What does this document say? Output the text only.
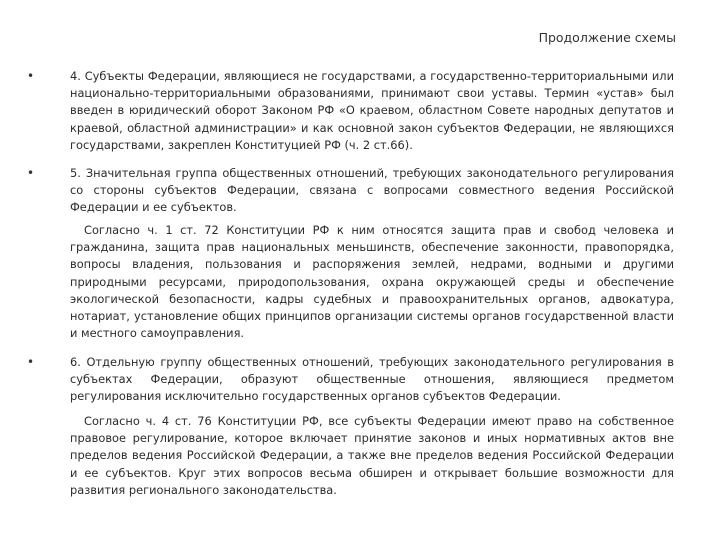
Продолжение схемы
•	4. Субъекты Федерации, являющиеся не государствами, а государственно-территориальными или национально-территориальными образованиями, принимают свои уставы. Термин «устав» был введен в юридический оборот Законом РФ «О краевом, областном Совете народных депутатов и краевой, областной администрации» и как основной закон субъектов Федерации, не являющихся государствами, закреплен Конституцией РФ (ч. 2 ст.66).
•	5. Значительная группа общественных отношений, требующих законодательного регулирования со стороны субъектов Федерации, связана с вопросами совместного ведения Российской Федерации и ее субъектов.
Согласно ч. 1 ст. 72 Конституции РФ к ним относятся защита прав и свобод человека и гражданина, защита прав национальных меньшинств, обеспечение законности, правопорядка, вопросы владения, пользования и распоряжения землей, недрами, водными и другими природными ресурсами, природопользования, охрана окружающей среды и обеспечение экологической безопасности, кадры судебных и правоохранительных органов, адвокатура, нотариат, установление общих принципов организации системы органов государственной власти и местного самоуправления.
•	6. Отдельную группу общественных отношений, требующих законодательного регулирования в субъектах Федерации, образуют общественные отношения, являющиеся предметом регулирования исключительно государственных органов субъектов Федерации.
Согласно ч. 4 ст. 76 Конституции РФ, все субъекты Федерации имеют право на собственное правовое регулирование, которое включает принятие законов и иных нормативных актов вне пределов ведения Российской Федерации, а также вне пределов ведения Российской Федерации и ее субъектов. Круг этих вопросов весьма обширен и открывает большие возможности для развития регионального законодательства.
